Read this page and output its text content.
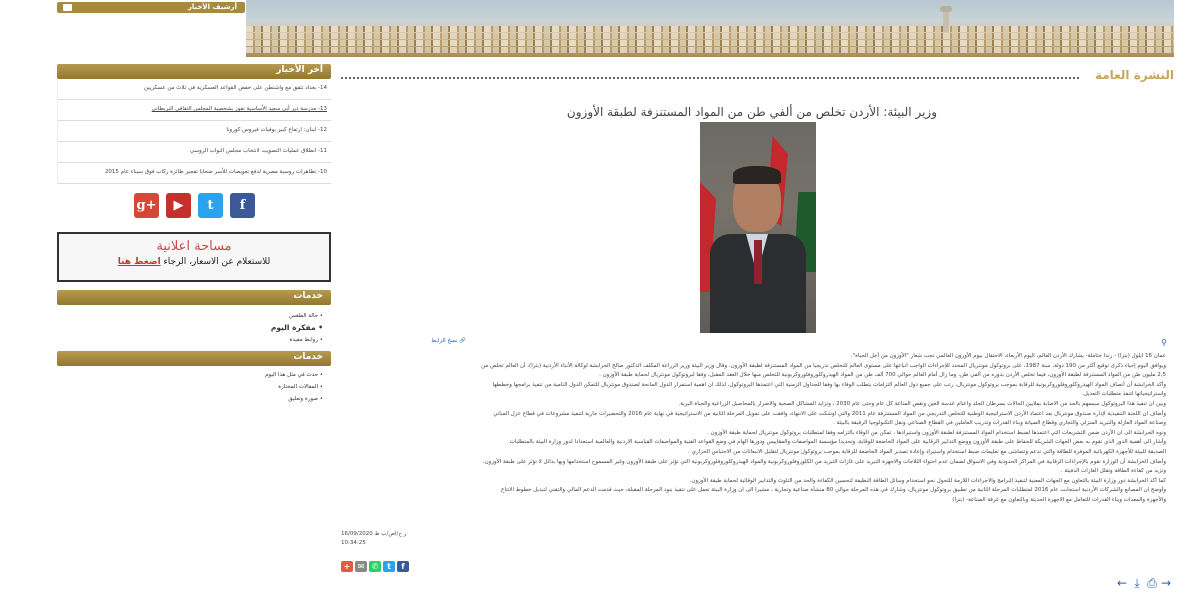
أرشيف الأخبار
آخر الأخبار
14- بغداد تتفق مع واشنطن على خفض القواعد العسكرية في ثلاث من عسكريين
13- مدرسة دير أبي سعيد الأساسية تفوز بشخصية المجلس الثقافي البريطاني
12- لبنان: ارتفاع كبير بوفيات فيروس كورونا
11- انطلاق عمليات التصويت لانتخاب مجلس النواب الروسي
10- تظاهرات روسية مصرية لدفع تعويضات للأسر ضحايا تفجير طائرة ركاب فوق سيناء عام 2015
g+	▶	t	f
مساحة اعلانية
للاستعلام عن الاسعار، الرجاء اضغط هنا
خدمات
• حالة الطقس
• مفكرة اليوم
• روابط مفيدة
خدمات
• حدث في مثل هذا اليوم
• المقالات المختارة
• صورة وتعليق
النشرة العامة
وزير البيئة: الأردن تخلص من ألفي طن من المواد المستنزفة لطبقة الأوزون
⚲
🔗 نسخ الرابط

عمان 16 ايلول (بترا) - رندا حتاملة- يشارك الأردن العالم، اليوم الأربعاء، الاحتفال بيوم الأوزون العالمي تحت شعار "الأوزون من أجل الحياة".

ويوافق اليوم إحياء ذكرى توقيع أكثر من 190 دولة، سنة 1987، على بروتوكول مونتريال المحدد للإجراءات الواجب اتباعها على مستوى العالم للتخلص تدريجيا من المواد المستنزفة لطبقة الأوزون. وقال وزير البيئة وزير الزراعة المكلف الدكتور صالح الخرابشة لوكالة الأنباء الأردنية (بترا)، أن العالم تخلص من

2,5 مليون طن من المواد المستنزفة لطبقة الأوزون، فيما تخلص الأردن بدوره من ألفي طن، وما زال أمام العالم حوالي 700 ألف طن من المواد الهيدروكلوروفلوروكربونية للتخلص منها خلال العقد المقبل، وفقا لبروتوكول مونتريال لحماية طبقة الأوزون .

وأكد الخرابشة أن أنصاف المواد الهيدروكلوروفلوروكربونية للرقابة بموجب بروتوكول مونتريال، رتب على جميع دول العالم التزامات يتطلب الوفاء بها وفقا للجداول الزمنية التي اعتمدها البروتوكول، لذلك ان اهمية استمرار الدول المانحة لصندوق مونتريال للتمكن الدول النامية من تنفيذ برامجها وخططها

واستراتيجياتها لتنفذ متطلبات التعديل.

وبين ان تنفيذ هذا البروتوكول سيسهم بالحد من الاصابة بملايين الحالات بسرطان الجلد واعتام عدسة العين ونقص المناعة كل عام وحتى عام 2030 ، وتزايد المشاكل الصحية والاضرار بالمحاصيل الزراعية والحياة البرية.

وأضاف ان اللجنة التنفيذية لإدارة صندوق مونتريال بعد اعتماد الأردن الاستراتيجية الوطنية للتخلص التدريجي من المواد المستنزفة عام 2011 والتي اوشكت على الانتهاء، وافقت على تمويل المرحلة الثانية من الاستراتيجية في نهاية عام 2016 والتحضيرات جارية لتنفيذ مشروعات في قطاع عزل المباني

وصناعة المواد العازلة والتبريد المنزلي والتجاري وقطاع الصيانة وبناء القدرات وتدريب العاملين في القطاع الصناعي ونقل التكنولوجيا الرفيقة بالبيئة .

ونوه الخرابشة الى ان الأردن ضمن التشريعات التي اعتمدها لضبط استخدام المواد المستنزفة لطبقة الأوزون واستيرادها ، تمكن من الوفاء بالتزامه وفقا لمتطلبات بروتوكول مونتريال لحماية طبقة الأوزون .

وأشار الى أهمية الدور الذي تقوم به بعض الجهات الشريكة للحفاظ على طبقة الأوزون ووضع التدابير الرقابية على المواد الخاضعة للوقاية، وتحديدا مؤسسة المواصفات والمقاييس ودورها الهام في وضع القواعد الفنية والمواصفات القياسية الاردنية والعالمية استعدادا لدور وزارة البيئة بالمتطلبات

الصديقة للبيئة للأجهزة الكهربائية الموفرة للطاقة والتي تدعم وتتماشى مع تعليمات ضبط استخدام واستيراد وإعادة تصدير المواد الخاضعة للرقابة بموجب بروتوكول مونتريال لتقليل الانبعاثات من الاحتباس الحراري .

وأضاف الخرابشة أن الوزارة تقوم بالإجراءات الرقابية في المراكز الحدودية وفي الاسواق لضمان عدم احتواء الثلاجات والاجهزة التبريد على غازات التبريد من الكلوروفلوروكربونية والمواد الهيدروكلوروفلوروكربونية التي تؤثر على طبقة الأوزون وغير المسموح استخدامها وبها بدائل لا تؤثر على طبقة الأوزون،

وتزيد من كفاءة الطاقة وتقلل الغازات الدفيئة .

كما أكد الخرابشة دور وزارة البيئة بالتعاون مع الجهات المعنية لتنفيذ البرامج والاجراءات اللازمة للتحول نحو استخدام وسائل الطاقة النظيفة لتحسين الكفاءة والحد من التلوث والتدابير الوقائية لحماية طبقة الأوزون.

وأوضح ان المصانع والشركات الأردنية استجابت عام 2016 لمتطلبات المرحلة الثانية من تطبيق بروتوكول مونتريال، وشارك في هذه المرحلة حوالي 80 منشأة صناعية وتجارية ، مشيرا الى ان وزارة البيئة تعمل على تنفيذ بنود المرحلة المقبلة، حيث قدمت الدعم المالي والتقني لتبديل خطوط الانتاج

والأجهزة والمعدات وبناء القدرات للتعامل مع الاجهزة الحديثة وبالتعاون مع غرفة الصناعة- (بترا)

ر ح/اص/ب ط 16/09/2020
10:34:25
f
t
✆
✉
+
→
⎙
⤓
←
